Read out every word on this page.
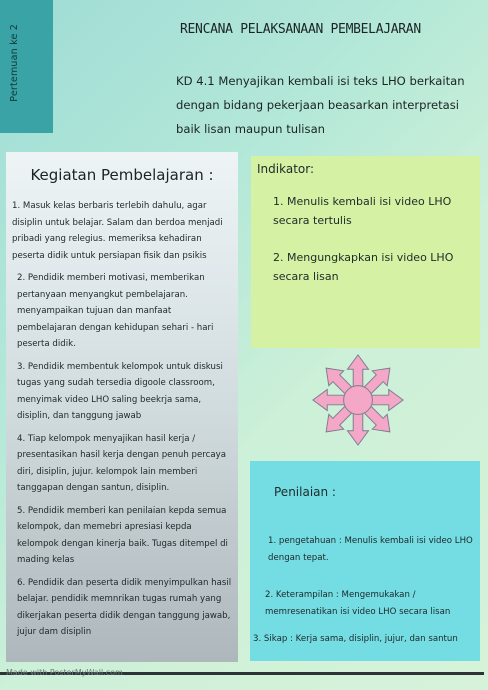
Pertemuan ke 2	RENCANA PELAKSANAAN PEMBELAJARAN
KD 4.1 Menyajikan kembali isi teks LHO berkaitan dengan bidang pekerjaan beasarkan interpretasi baik lisan maupun tulisan
Kegiatan Pembelajaran :
1. Masuk kelas berbaris terlebih dahulu, agar disiplin untuk belajar. Salam dan berdoa menjadi pribadi yang relegius. memeriksa kehadiran peserta didik untuk persiapan fisik dan psikis
2. Pendidik memberi motivasi, memberikan pertanyaan menyangkut pembelajaran. menyampaikan tujuan dan manfaat pembelajaran dengan kehidupan sehari - hari peserta didik.
3. Pendidik membentuk kelompok untuk diskusi tugas yang sudah tersedia digoole classroom, menyimak video LHO saling beekrja sama, disiplin, dan tanggung jawab
4. Tiap kelompok menyajikan hasil kerja / presentasikan hasil kerja dengan penuh percaya diri, disiplin, jujur. kelompok lain memberi tanggapan dengan santun, disiplin.
5. Pendidik memberi kan penilaian kepda semua kelompok, dan memebri apresiasi kepda kelompok dengan kinerja baik. Tugas ditempel di mading kelas
6. Pendidik dan peserta didik menyimpulkan hasil belajar. pendidik memnrikan tugas rumah yang dikerjakan peserta didik dengan tanggung jawab, jujur dam disiplin
Indikator:
1. Menulis kembali isi video LHO secara tertulis
2. Mengungkapkan isi video LHO secara lisan
Penilaian :
1. pengetahuan : Menulis kembali isi video LHO dengan tepat.
2. Keterampilan : Mengemukakan / memresenatikan isi video LHO secara lisan
3. Sikap : Kerja sama, disiplin, jujur, dan santun
Made with PosterMyWall.com
